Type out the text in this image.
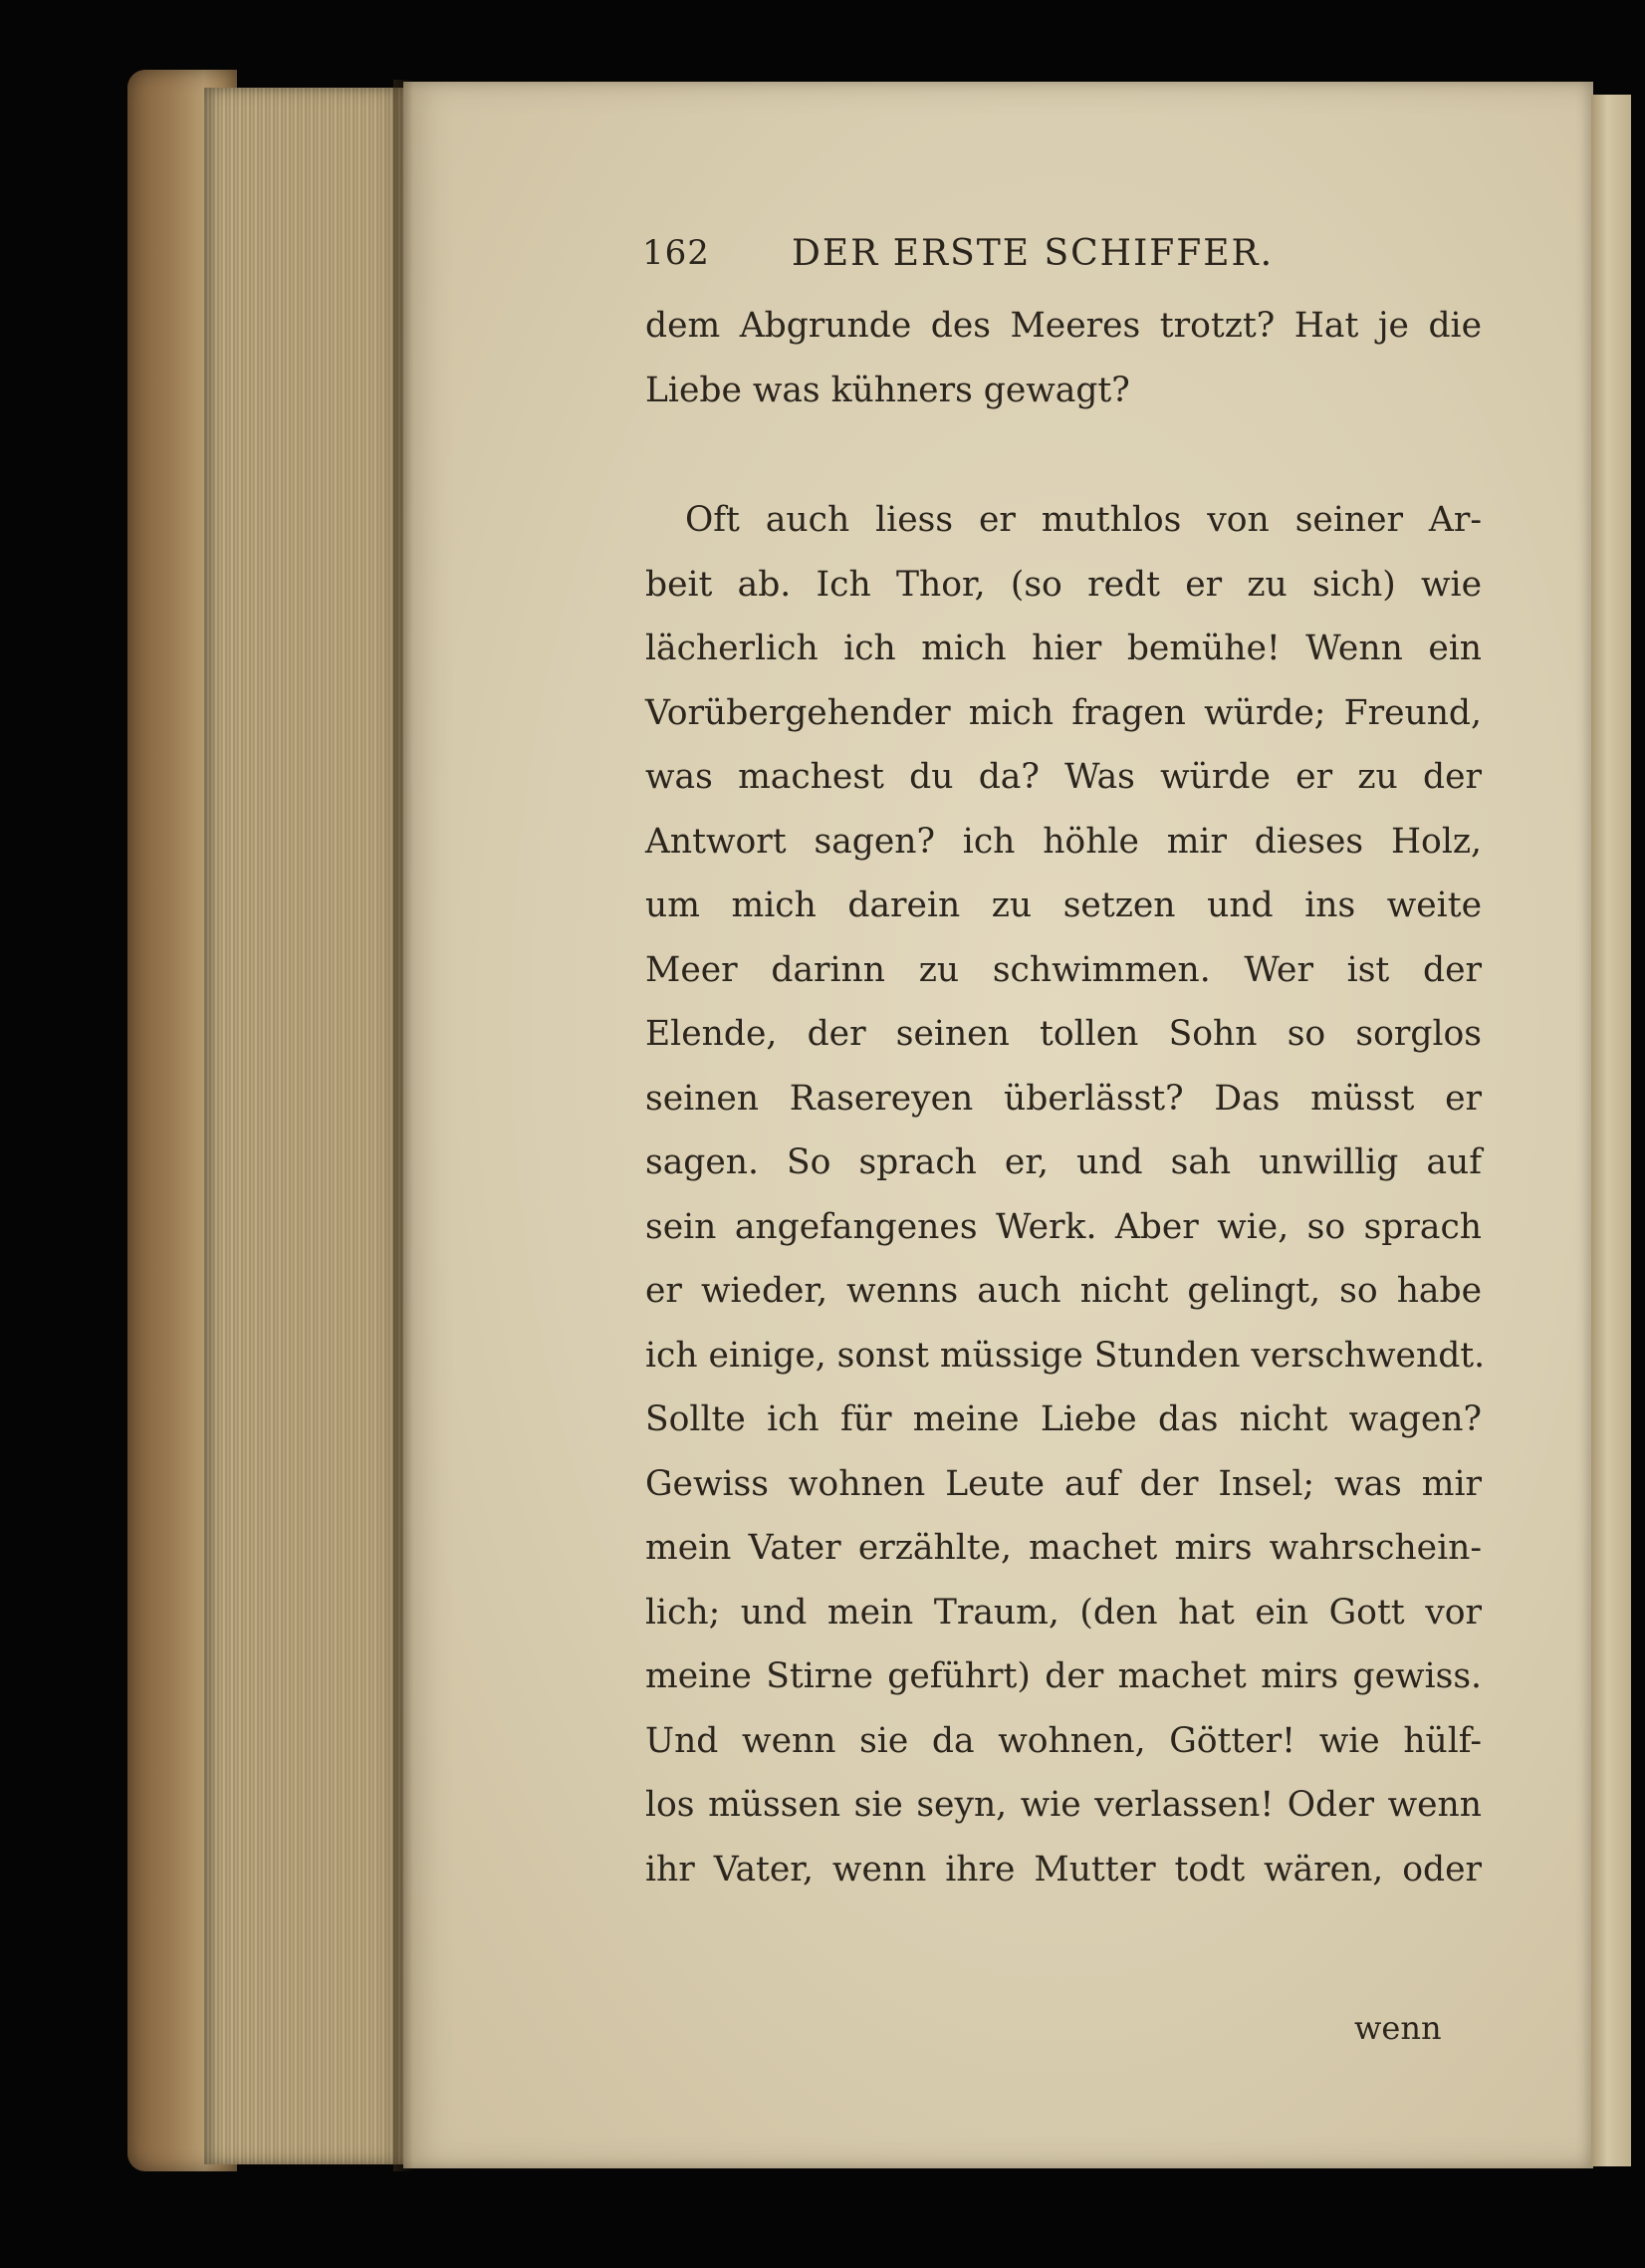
162 DER ERSTE SCHIFFER.
dem Abgrunde des Meeres trotzt? Hat je die
Liebe was kühners gewagt?
Oft auch liess er muthlos von seiner Ar-
beit ab. Ich Thor, (so redt er zu sich) wie
lächerlich ich mich hier bemühe! Wenn ein
Vorübergehender mich fragen würde; Freund,
was machest du da? Was würde er zu der
Antwort sagen? ich höhle mir dieses Holz,
um mich darein zu setzen und ins weite
Meer darinn zu schwimmen. Wer ist der
Elende, der seinen tollen Sohn so sorglos
seinen Rasereyen überlässt? Das müsst er
sagen. So sprach er, und sah unwillig auf
sein angefangenes Werk. Aber wie, so sprach
er wieder, wenns auch nicht gelingt, so habe
ich einige, sonst müssige Stunden verschwendt.
Sollte ich für meine Liebe das nicht wagen?
Gewiss wohnen Leute auf der Insel; was mir
mein Vater erzählte, machet mirs wahrschein-
lich; und mein Traum, (den hat ein Gott vor
meine Stirne geführt) der machet mirs gewiss.
Und wenn sie da wohnen, Götter! wie hülf-
los müssen sie seyn, wie verlassen! Oder wenn
ihr Vater, wenn ihre Mutter todt wären, oder
wenn
